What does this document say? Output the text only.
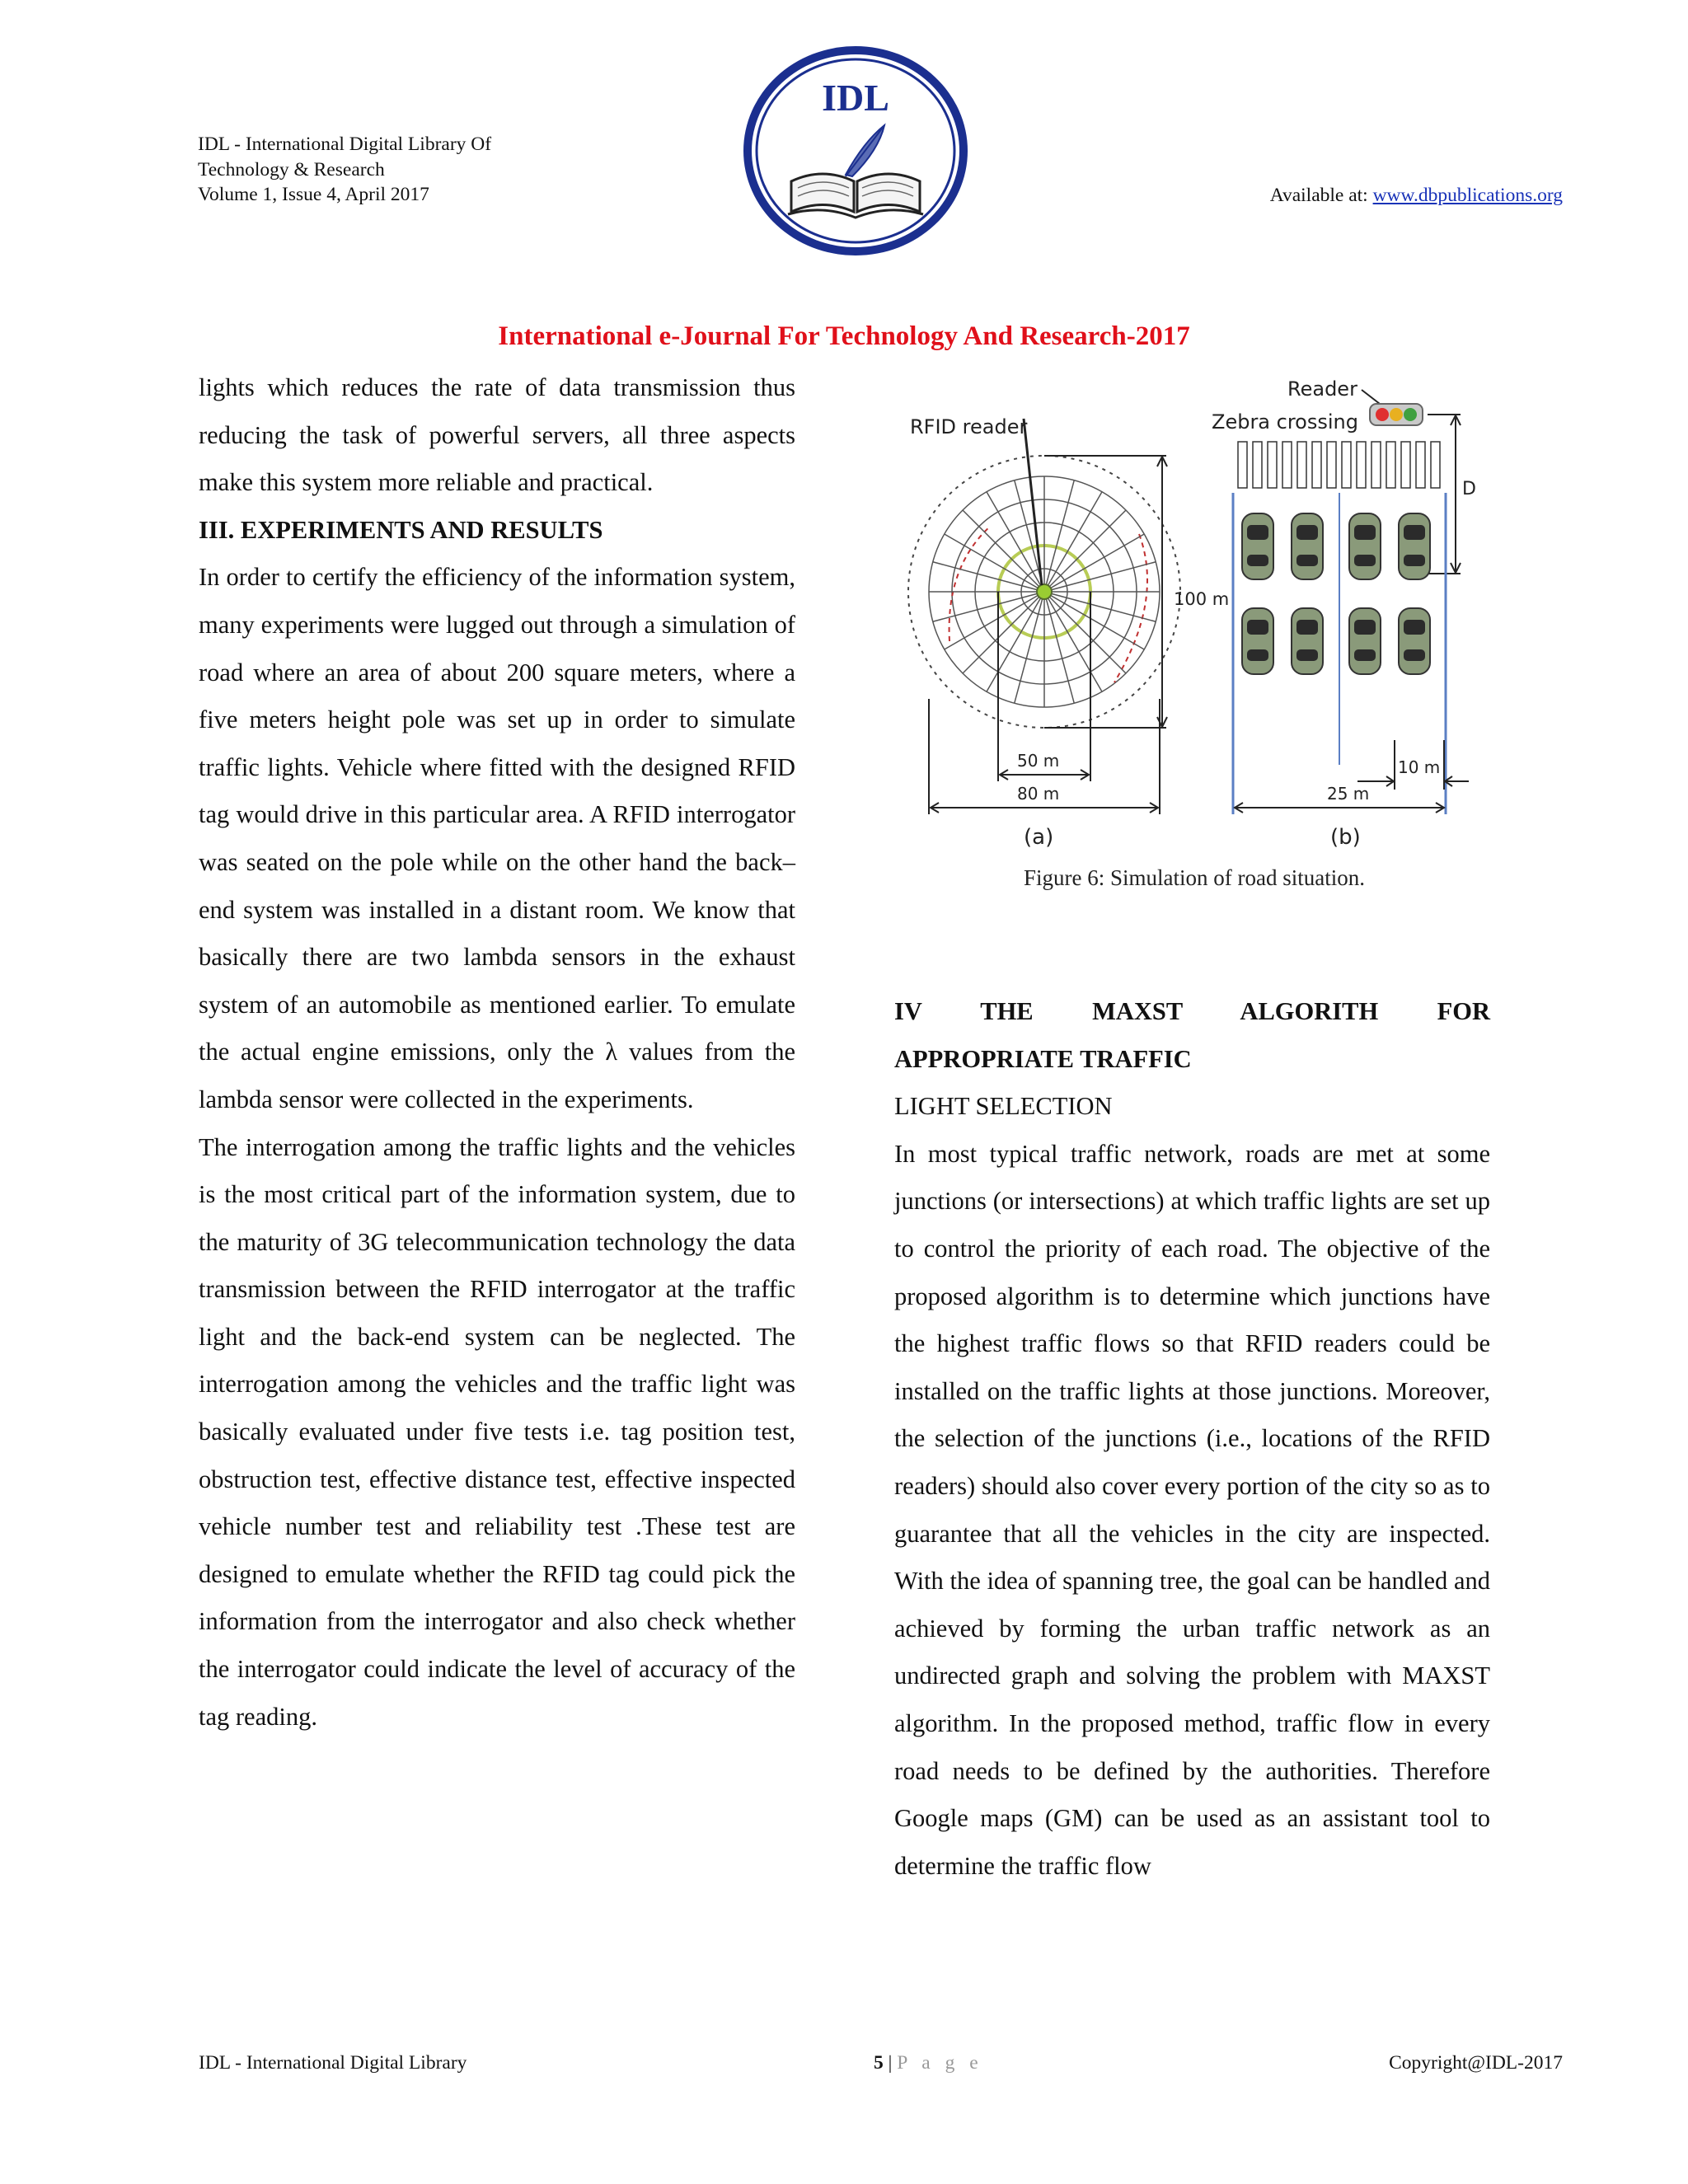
IDL - International Digital Library Of
Technology & Research
Volume 1, Issue 4, April 2017
IDL
Available at: www.dbpublications.org
International e-Journal For Technology And Research-2017

lights which reduces the rate of data transmission thus reducing the task of powerful servers, all three aspects make this system more reliable and practical.

III. EXPERIMENTS AND RESULTS

In order to certify the efficiency of the information system, many experiments were lugged out through a simulation of road where an area of about 200 square meters, where a five meters height pole was set up in order to simulate traffic lights. Vehicle where fitted with the designed RFID tag would drive in this particular area. A RFID interrogator was seated on the pole while on the other hand the back–end system was installed in a distant room. We know that basically there are two lambda sensors in the exhaust system of an automobile as mentioned earlier. To emulate the actual engine emissions, only the λ values from the lambda sensor were collected in the experiments.

The interrogation among the traffic lights and the vehicles is the most critical part of the information system, due to the maturity of 3G telecommunication technology the data transmission between the RFID interrogator at the traffic light and the back-end system can be neglected. The interrogation among the vehicles and the traffic light was basically evaluated under five tests i.e. tag position test, obstruction test, effective distance test, effective inspected vehicle number test and reliability test .These test are designed to emulate whether the RFID tag could pick the information from the interrogator and also check whether the interrogator could indicate the level of accuracy of the tag reading.

RFID reader
100 m
50 m
80 m
(a)
Reader
Zebra crossing
D
10 m
25 m
(b)
Figure 6: Simulation of road situation.

IV THE MAXST ALGORITH FOR

APPROPRIATE TRAFFIC

LIGHT SELECTION

In most typical traffic network, roads are met at some junctions (or intersections) at which traffic lights are set up to control the priority of each road. The objective of the proposed algorithm is to determine which junctions have the highest traffic flows so that RFID readers could be installed on the traffic lights at those junctions. Moreover, the selection of the junctions (i.e., locations of the RFID readers) should also cover every portion of the city so as to guarantee that all the vehicles in the city are inspected. With the idea of spanning tree, the goal can be handled and achieved by forming the urban traffic network as an undirected graph and solving the problem with MAXST algorithm. In the proposed method, traffic flow in every road needs to be defined by the authorities. Therefore Google maps (GM) can be used as an assistant tool to determine the traffic flow

IDL - International Digital Library	5 | P a g e	Copyright@IDL-2017
